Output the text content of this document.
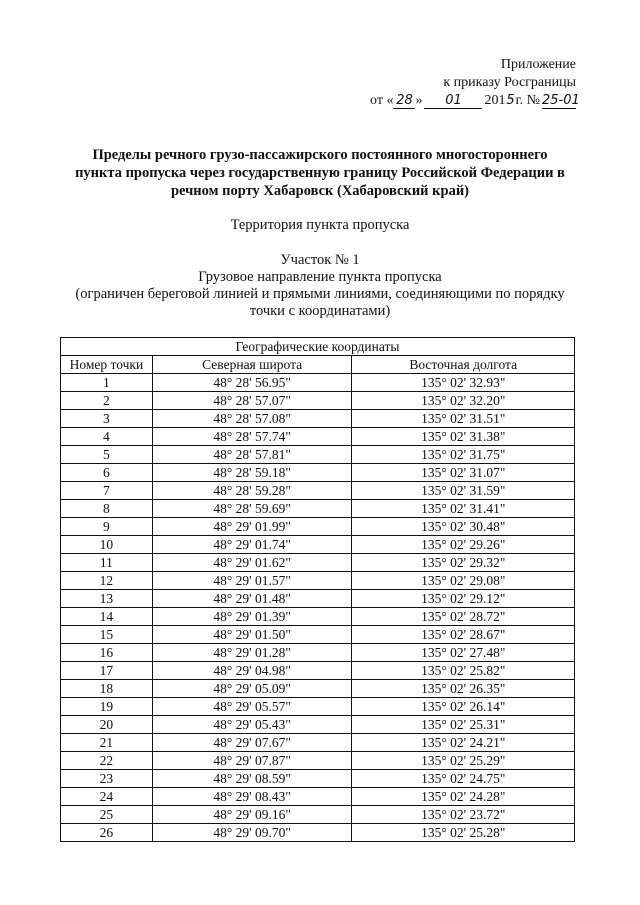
Приложение
к приказу Росграницы
от « 28 » 01 2015г. № 25-01
Пределы речного грузо-пассажирского постоянного многостороннего
пункта пропуска через государственную границу Российской Федерации в
речном порту Хабаровск (Хабаровский край)
Территория пункта пропуска
Участок № 1
Грузовое направление пункта пропуска
(ограничен береговой линией и прямыми линиями, соединяющими по порядку
точки с координатами)
Географические координаты		
Номер точки	Северная широта	Восточная долгота
1	48° 28' 56.95"	135° 02' 32.93"
2	48° 28' 57.07"	135° 02' 32.20"
3	48° 28' 57.08"	135° 02' 31.51"
4	48° 28' 57.74"	135° 02' 31.38"
5	48° 28' 57.81"	135° 02' 31.75"
6	48° 28' 59.18"	135° 02' 31.07"
7	48° 28' 59.28"	135° 02' 31.59"
8	48° 28' 59.69"	135° 02' 31.41"
9	48° 29' 01.99"	135° 02' 30.48"
10	48° 29' 01.74"	135° 02' 29.26"
11	48° 29' 01.62"	135° 02' 29.32"
12	48° 29' 01.57"	135° 02' 29.08"
13	48° 29' 01.48"	135° 02' 29.12"
14	48° 29' 01.39"	135° 02' 28.72"
15	48° 29' 01.50"	135° 02' 28.67"
16	48° 29' 01.28"	135° 02' 27.48"
17	48° 29' 04.98"	135° 02' 25.82"
18	48° 29' 05.09"	135° 02' 26.35"
19	48° 29' 05.57"	135° 02' 26.14"
20	48° 29' 05.43"	135° 02' 25.31"
21	48° 29' 07.67"	135° 02' 24.21"
22	48° 29' 07.87"	135° 02' 25.29"
23	48° 29' 08.59"	135° 02' 24.75"
24	48° 29' 08.43"	135° 02' 24.28"
25	48° 29' 09.16"	135° 02' 23.72"
26	48° 29' 09.70"	135° 02' 25.28"
